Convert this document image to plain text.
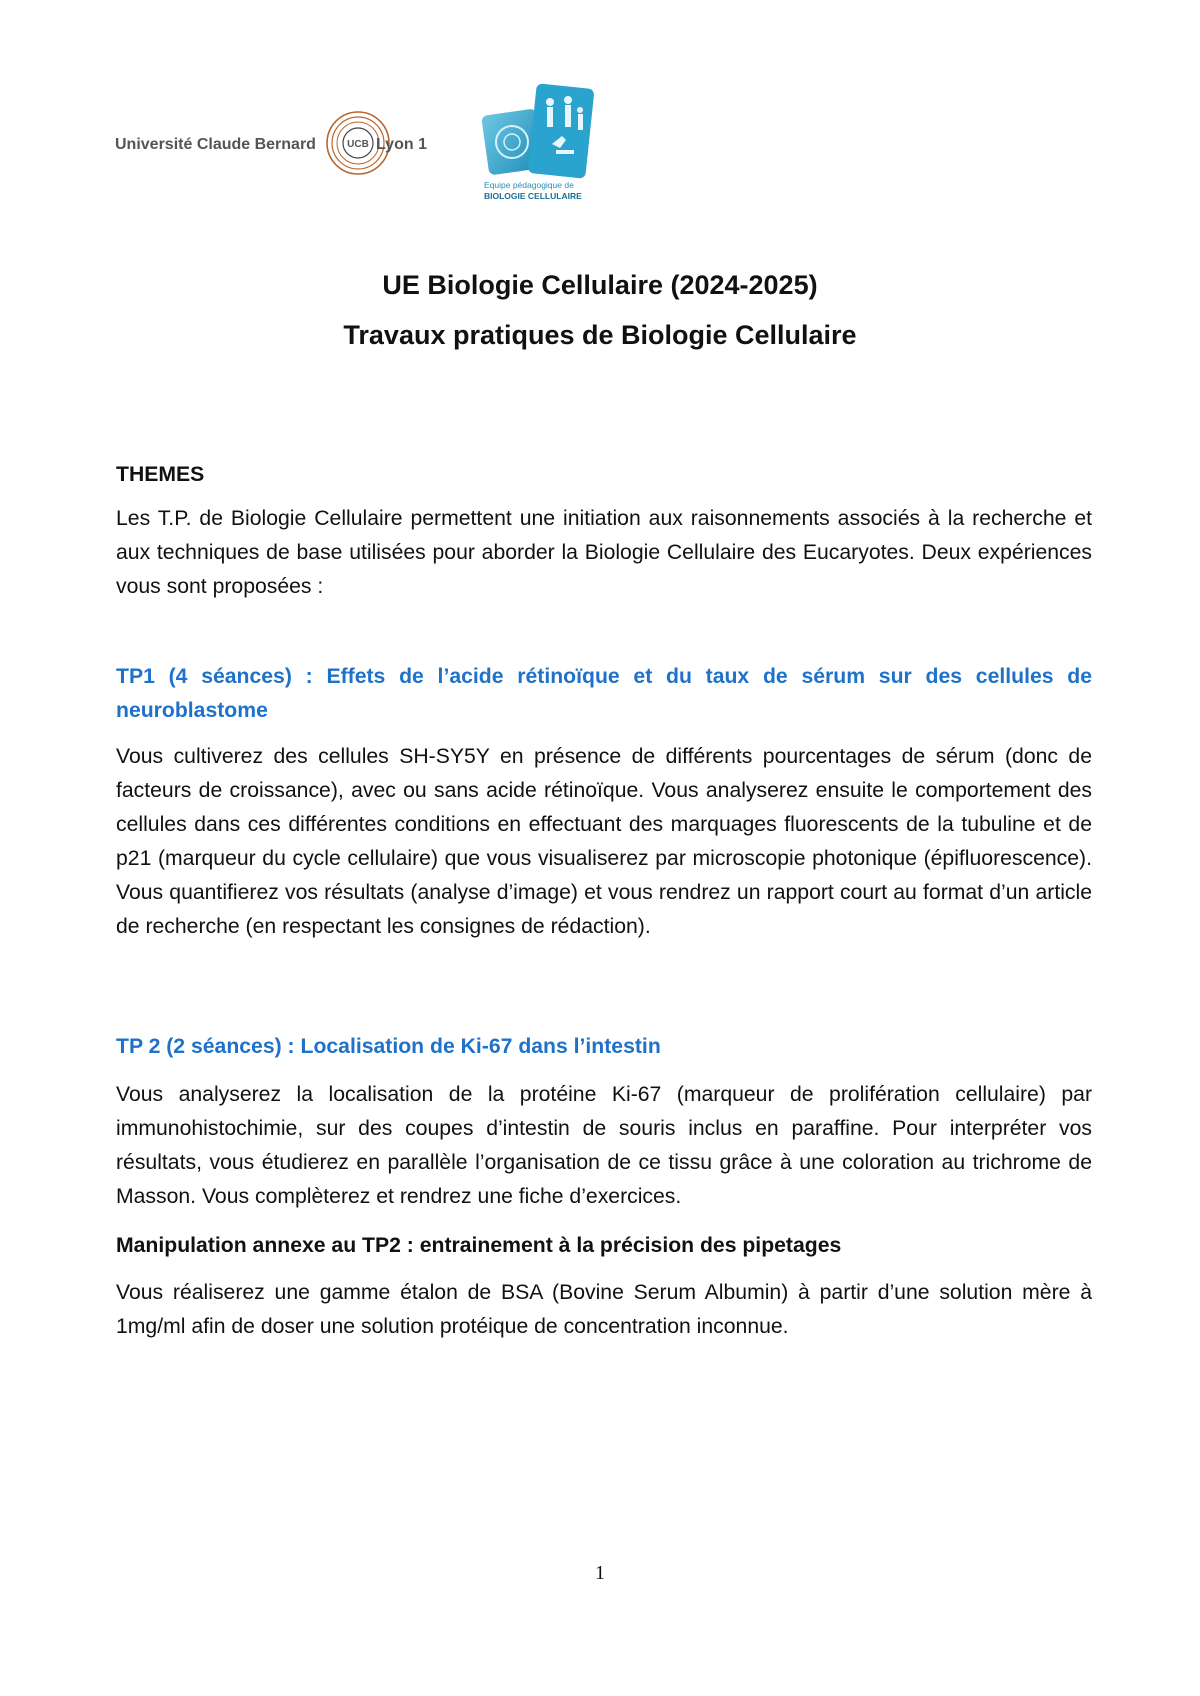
Université Claude Bernard	UCB Lyon 1
Equipe pédagogique de
BIOLOGIE CELLULAIRE
UE Biologie Cellulaire (2024-2025)
Travaux pratiques de Biologie Cellulaire

THEMES

Les T.P. de Biologie Cellulaire permettent une initiation aux raisonnements associés à la recherche et aux techniques de base utilisées pour aborder la Biologie Cellulaire des Eucaryotes. Deux expériences vous sont proposées :

TP1 (4 séances) : Effets de l’acide rétinoïque et du taux de sérum sur des cellules de neuroblastome

Vous cultiverez des cellules SH-SY5Y en présence de différents pourcentages de sérum (donc de facteurs de croissance), avec ou sans acide rétinoïque. Vous analyserez ensuite le comportement des cellules dans ces différentes conditions en effectuant des marquages fluorescents de la tubuline et de p21 (marqueur du cycle cellulaire) que vous visualiserez par microscopie photonique (épifluorescence). Vous quantifierez vos résultats (analyse d’image) et vous rendrez un rapport court au format d’un article de recherche (en respectant les consignes de rédaction).

TP 2 (2 séances) : Localisation de Ki-67 dans l’intestin

Vous analyserez la localisation de la protéine Ki-67 (marqueur de prolifération cellulaire) par immunohistochimie, sur des coupes d’intestin de souris inclus en paraffine. Pour interpréter vos résultats, vous étudierez en parallèle l’organisation de ce tissu grâce à une coloration au trichrome de Masson. Vous complèterez et rendrez une fiche d’exercices.

Manipulation annexe au TP2 : entrainement à la précision des pipetages

Vous réaliserez une gamme étalon de BSA (Bovine Serum Albumin) à partir d’une solution mère à 1mg/ml afin de doser une solution protéique de concentration inconnue.

1
